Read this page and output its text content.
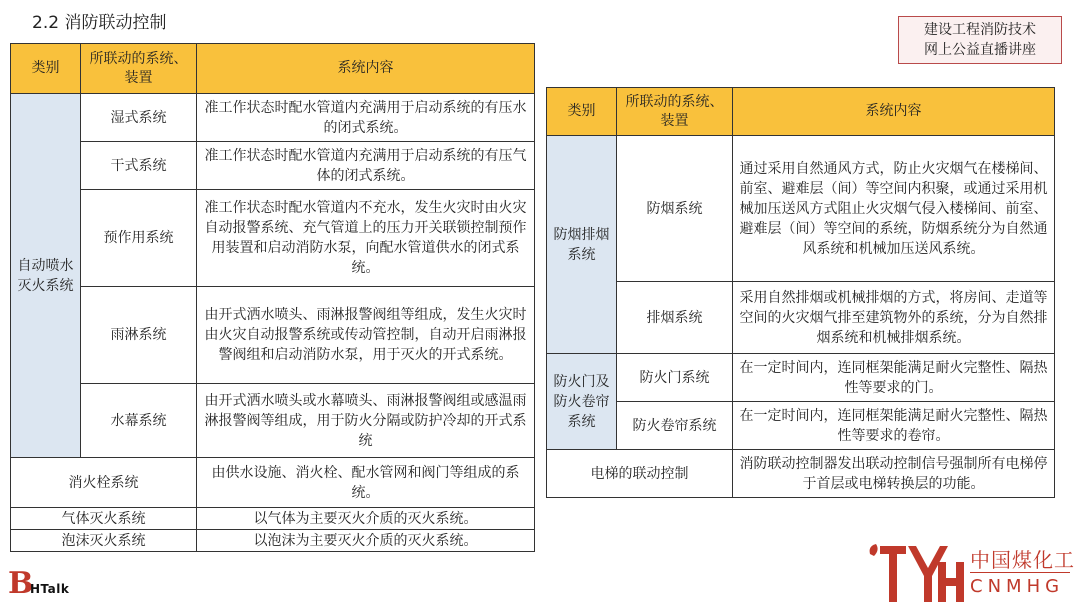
2.2 消防联动控制	建设工程消防技术
网上公益直播讲座
类别	所联动的系统、装置	系统内容
自动喷水灭火系统	湿式系统	准工作状态时配水管道内充满用于启动系统的有压水的闭式系统。
	干式系统	准工作状态时配水管道内充满用于启动系统的有压气体的闭式系统。
	预作用系统	准工作状态时配水管道内不充水，发生火灾时由火灾自动报警系统、充气管道上的压力开关联锁控制预作用装置和启动消防水泵，向配水管道供水的闭式系统。
	雨淋系统	由开式洒水喷头、雨淋报警阀组等组成，发生火灾时由火灾自动报警系统或传动管控制，自动开启雨淋报警阀组和启动消防水泵，用于灭火的开式系统。
	水幕系统	由开式洒水喷头或水幕喷头、雨淋报警阀组或感温雨淋报警阀等组成，用于防火分隔或防护冷却的开式系统
消火栓系统		由供水设施、消火栓、配水管网和阀门等组成的系统。
气体灭火系统		以气体为主要灭火介质的灭火系统。
泡沫灭火系统		以泡沫为主要灭火介质的灭火系统。
类别	所联动的系统、装置	系统内容
防烟排烟系统	防烟系统	通过采用自然通风方式，防止火灾烟气在楼梯间、前室、避难层（间）等空间内积聚，或通过采用机械加压送风方式阻止火灾烟气侵入楼梯间、前室、避难层（间）等空间的系统，防烟系统分为自然通风系统和机械加压送风系统。
	排烟系统	采用自然排烟或机械排烟的方式，将房间、走道等空间的火灾烟气排至建筑物外的系统，分为自然排烟系统和机械排烟系统。
防火门及防火卷帘系统	防火门系统	在一定时间内，连同框架能满足耐火完整性、隔热性等要求的门。
	防火卷帘系统	在一定时间内，连同框架能满足耐火完整性、隔热性等要求的卷帘。
电梯的联动控制		消防联动控制器发出联动控制信号强制所有电梯停于首层或电梯转换层的功能。
B
HTalk
中国煤化工
CNMHG
